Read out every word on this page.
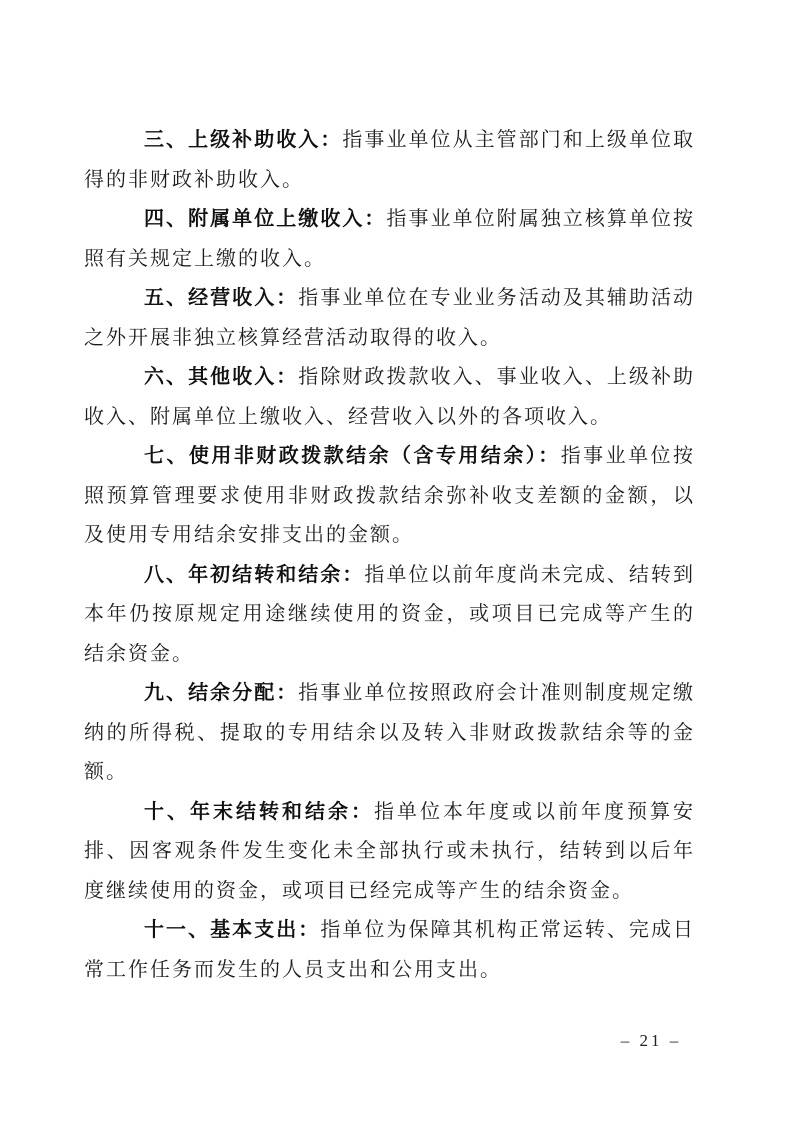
三、上级补助收入：指事业单位从主管部门和上级单位取得的非财政补助收入。

四、附属单位上缴收入：指事业单位附属独立核算单位按照有关规定上缴的收入。

五、经营收入：指事业单位在专业业务活动及其辅助活动之外开展非独立核算经营活动取得的收入。

六、其他收入：指除财政拨款收入、事业收入、上级补助收入、附属单位上缴收入、经营收入以外的各项收入。

七、使用非财政拨款结余（含专用结余）：指事业单位按照预算管理要求使用非财政拨款结余弥补收支差额的金额，以及使用专用结余安排支出的金额。

八、年初结转和结余：指单位以前年度尚未完成、结转到本年仍按原规定用途继续使用的资金，或项目已完成等产生的结余资金。

九、结余分配：指事业单位按照政府会计准则制度规定缴纳的所得税、提取的专用结余以及转入非财政拨款结余等的金额。

十、年末结转和结余：指单位本年度或以前年度预算安排、因客观条件发生变化未全部执行或未执行，结转到以后年度继续使用的资金，或项目已经完成等产生的结余资金。

十一、基本支出：指单位为保障其机构正常运转、完成日常工作任务而发生的人员支出和公用支出。

– 21 –
